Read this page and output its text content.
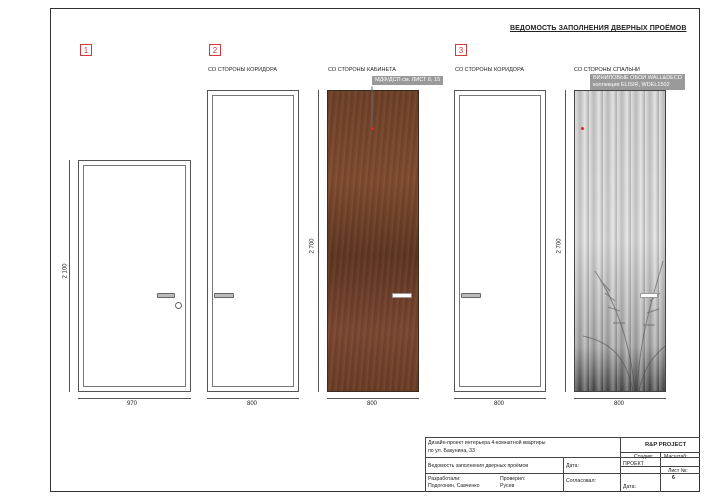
ВЕДОМОСТЬ ЗАПОЛНЕНИЯ ДВЕРНЫХ ПРОЁМОВ
1
2 100
970
2
СО СТОРОНЫ КОРИДОРА	СО СТОРОНЫ КАБИНЕТА
800
МДФ/ДСП см. ЛИСТ 8, 15
2 700
800
3
СО СТОРОНЫ КОРИДОРА	СО СТОРОНЫ СПАЛЬНИ
800
ВИНИЛОВЫЕ ОБОИ WALL&DECO
коллекция ELISIR, WDEL1502
2 700
800
Дизайн-проект интерьера 4-комнатной квартиры
по ул. Бакунина, 33
Ведомость заполнения дверных проёмов	Дата:
Разработали:
Подогонин, Савченко
Проверил:
Русев
Согласовал:
Дата:
R&P PROJECT
Стадия: Масштаб:
ПРОЕКТ
Лист №:
6
